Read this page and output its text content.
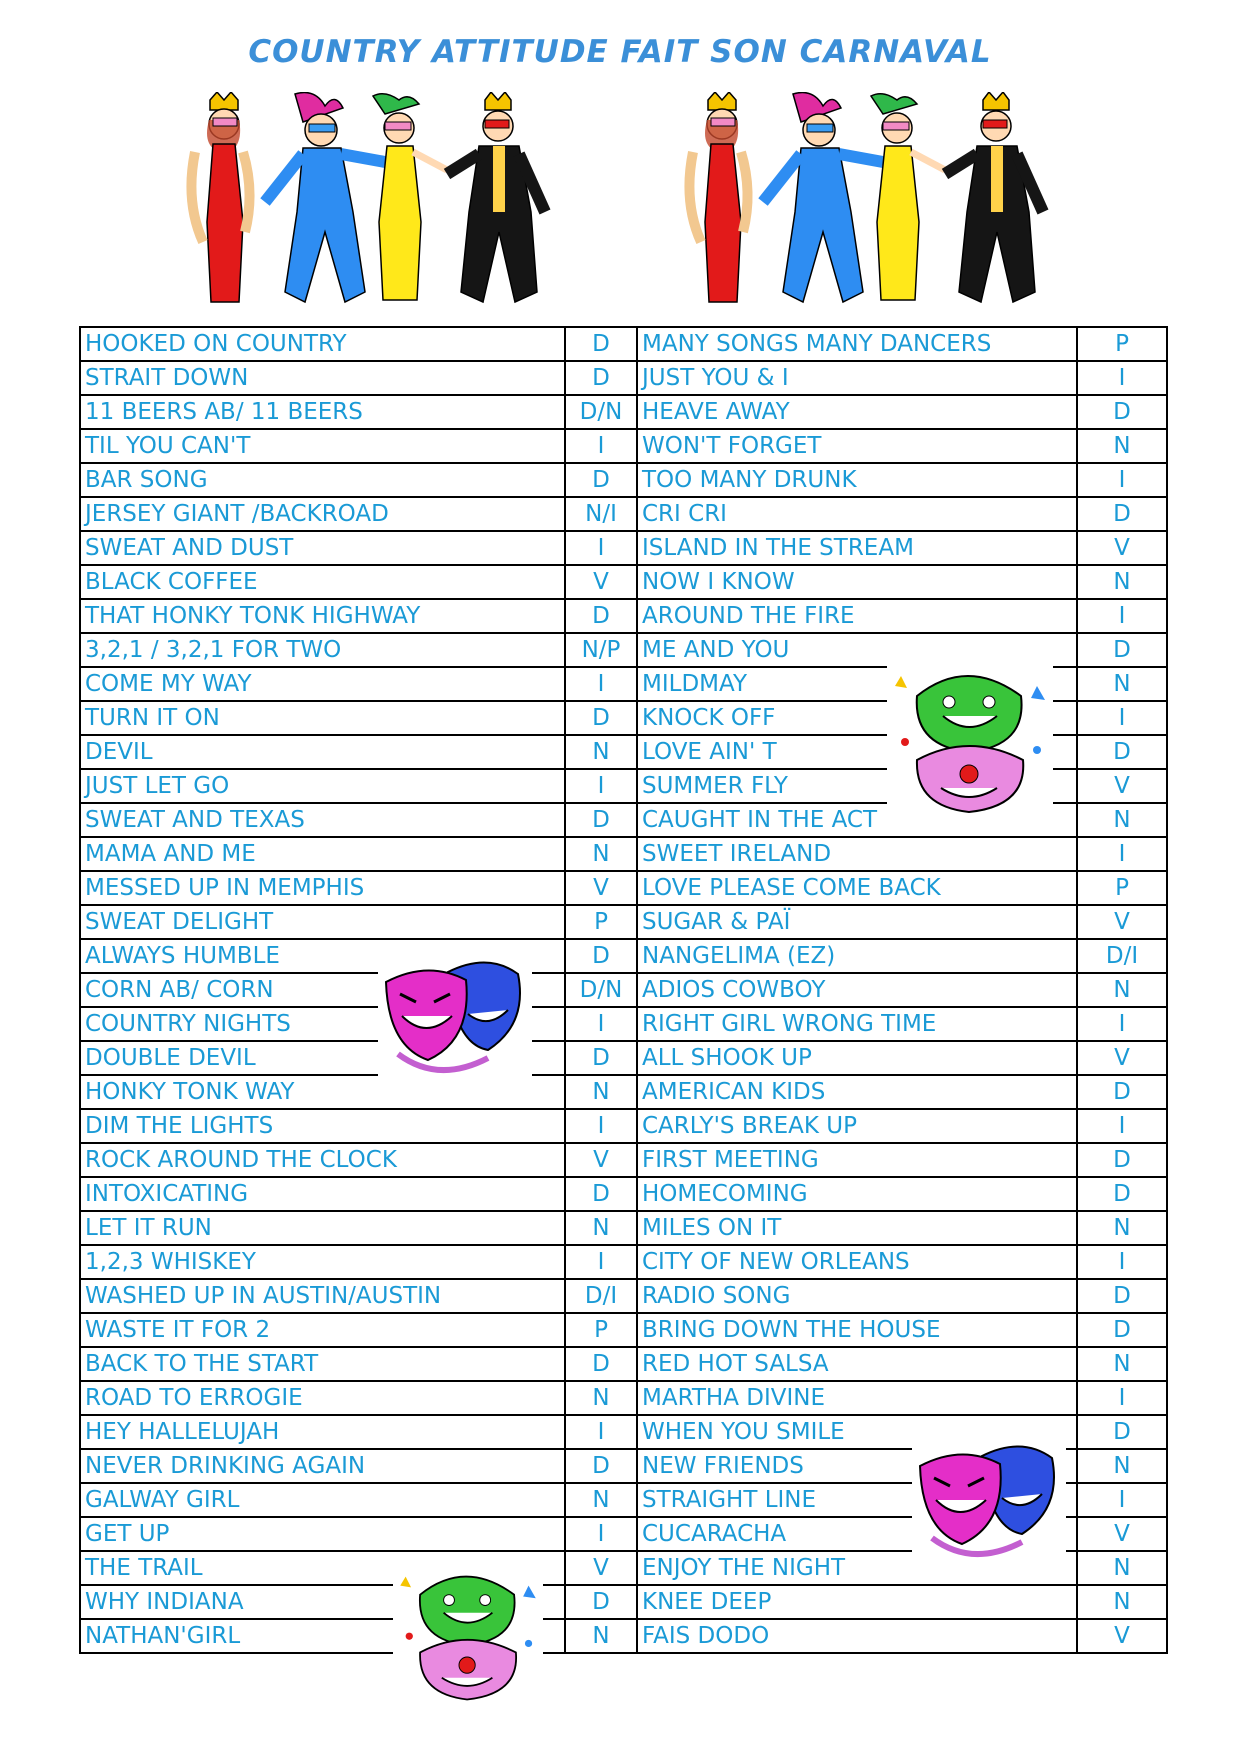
COUNTRY ATTITUDE FAIT SON CARNAVAL
HOOKED ON COUNTRY	D	MANY SONGS MANY DANCERS	P
STRAIT DOWN	D	JUST YOU & I	I
11 BEERS AB/ 11 BEERS	D/N	HEAVE AWAY	D
TIL YOU CAN'T	I	WON'T FORGET	N
BAR SONG	D	TOO MANY DRUNK	I
JERSEY GIANT /BACKROAD	N/I	CRI CRI	D
SWEAT AND DUST	I	ISLAND IN THE STREAM	V
BLACK COFFEE	V	NOW I KNOW	N
THAT HONKY TONK HIGHWAY	D	AROUND THE FIRE	I
3,2,1 / 3,2,1 FOR TWO	N/P	ME AND YOU	D
COME MY WAY	I	MILDMAY	N
TURN IT ON	D	KNOCK OFF	I
DEVIL	N	LOVE AIN' T	D
JUST LET GO	I	SUMMER FLY	V
SWEAT AND TEXAS	D	CAUGHT IN THE ACT	N
MAMA AND ME	N	SWEET IRELAND	I
MESSED UP IN MEMPHIS	V	LOVE PLEASE COME BACK	P
SWEAT DELIGHT	P	SUGAR & PAÏ	V
ALWAYS HUMBLE	D	NANGELIMA (EZ)	D/I
CORN AB/ CORN	D/N	ADIOS COWBOY	N
COUNTRY NIGHTS	I	RIGHT GIRL WRONG TIME	I
DOUBLE DEVIL	D	ALL SHOOK UP	V
HONKY TONK WAY	N	AMERICAN KIDS	D
DIM THE LIGHTS	I	CARLY'S BREAK UP	I
ROCK AROUND THE CLOCK	V	FIRST MEETING	D
INTOXICATING	D	HOMECOMING	D
LET IT RUN	N	MILES ON IT	N
1,2,3 WHISKEY	I	CITY OF NEW ORLEANS	I
WASHED UP IN AUSTIN/AUSTIN	D/I	RADIO SONG	D
WASTE IT FOR 2	P	BRING DOWN THE HOUSE	D
BACK TO THE START	D	RED HOT SALSA	N
ROAD TO ERROGIE	N	MARTHA DIVINE	I
HEY HALLELUJAH	I	WHEN YOU SMILE	D
NEVER DRINKING AGAIN	D	NEW FRIENDS	N
GALWAY GIRL	N	STRAIGHT LINE	I
GET UP	I	CUCARACHA	V
THE TRAIL	V	ENJOY THE NIGHT	N
WHY INDIANA	D	KNEE DEEP	N
NATHAN'GIRL	N	FAIS DODO	V
